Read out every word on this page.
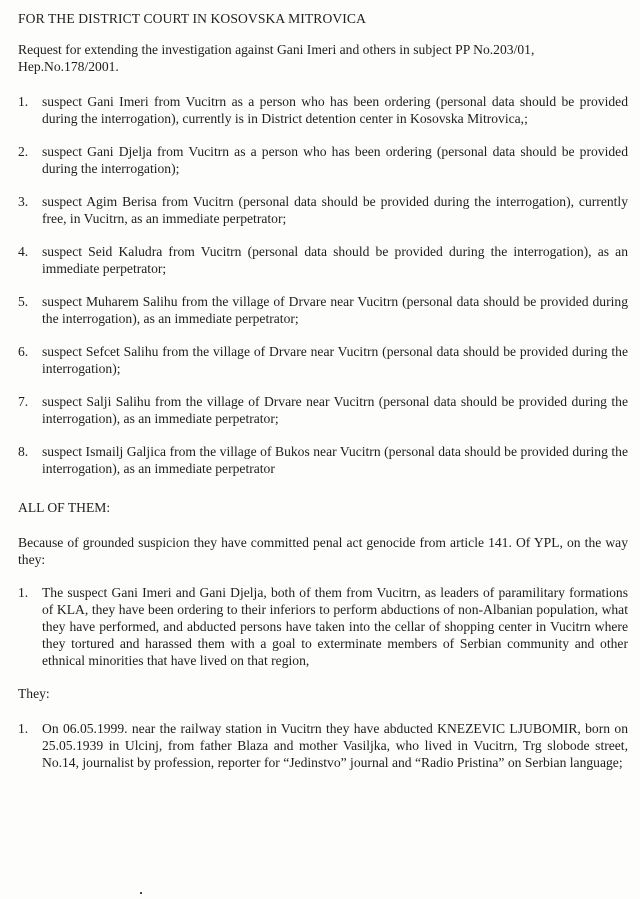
FOR THE DISTRICT COURT IN KOSOVSKA MITROVICA

Request for extending the investigation against Gani Imeri and others in subject PP No.203/01, Hep.No.178/2001.

1.	suspect Gani Imeri from Vucitrn as a person who has been ordering (personal data should be provided during the interrogation), currently is in District detention center in Kosovska Mitrovica,;
2.	suspect Gani Djelja from Vucitrn as a person who has been ordering (personal data should be provided during the interrogation);
3.	suspect Agim Berisa from Vucitrn (personal data should be provided during the interrogation), currently free, in Vucitrn, as an immediate perpetrator;
4.	suspect Seid Kaludra from Vucitrn (personal data should be provided during the interrogation), as an immediate perpetrator;
5.	suspect Muharem Salihu from the village of Drvare near Vucitrn (personal data should be provided during the interrogation), as an immediate perpetrator;
6.	suspect Sefcet Salihu from the village of Drvare near Vucitrn (personal data should be provided during the interrogation);
7.	suspect Salji Salihu from the village of Drvare near Vucitrn (personal data should be provided during the interrogation), as an immediate perpetrator;
8.	suspect Ismailj Galjica from the village of Bukos near Vucitrn (personal data should be provided during the interrogation), as an immediate perpetrator

ALL OF THEM:

Because of grounded suspicion they have committed penal act genocide from article 141. Of YPL, on the way they:

1.	The suspect Gani Imeri and Gani Djelja, both of them from Vucitrn, as leaders of paramilitary formations of KLA, they have been ordering to their inferiors to perform abductions of non-Albanian population, what they have performed, and abducted persons have taken into the cellar of shopping center in Vucitrn where they tortured and harassed them with a goal to exterminate members of Serbian community and other ethnical minorities that have lived on that region,

They:

1.	On 06.05.1999. near the railway station in Vucitrn they have abducted KNEZEVIC LJUBOMIR, born on 25.05.1939 in Ulcinj, from father Blaza and mother Vasiljka, who lived in Vucitrn, Trg slobode street, No.14, journalist by profession, reporter for “Jedinstvo” journal and “Radio Pristina” on Serbian language;
